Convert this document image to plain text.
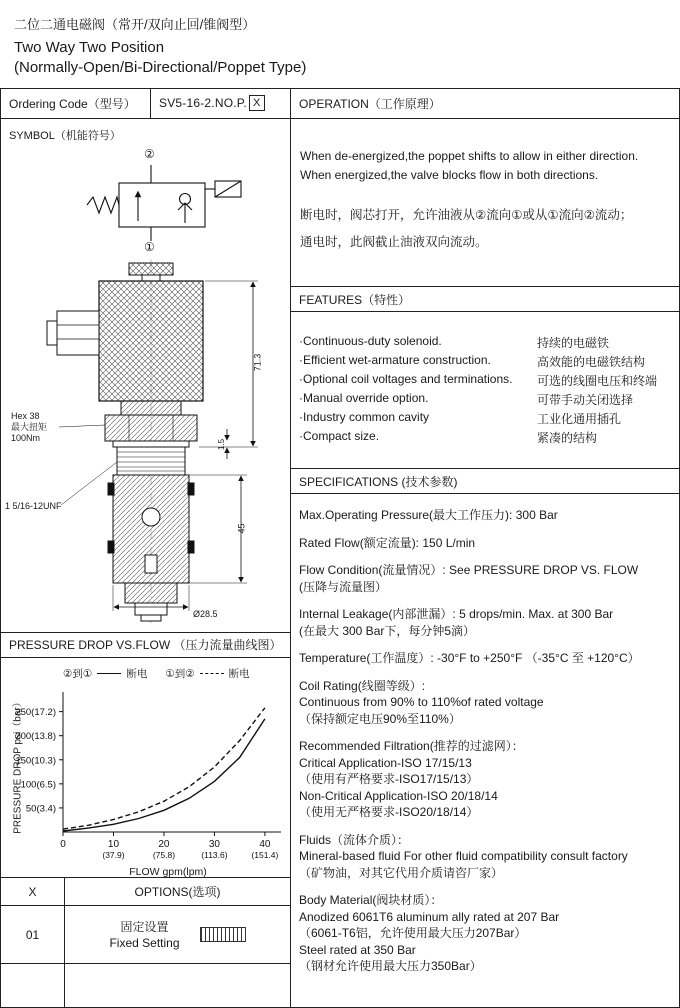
二位二通电磁阀（常开/双向止回/锥阀型）
Two Way Two Position
(Normally-Open/Bi-Directional/Poppet Type)
Ordering Code（型号）	SV5-16-2.NO.P. X
SYMBOL（机能符号）
②
①
Hex 38
最大扭矩
100Nm
1 5/16-12UNF
71.3
1.5
45
Ø28.5
PRESSURE DROP VS.FLOW （压力流量曲线图）
②到①	断电 ①到②	断电
50(3.4)
100(6.5)
150(10.3)
200(13.8)
250(17.2)
0	10
(37.9)
20
(75.8)
30
(113.6)
40
(151.4)
PRESSURE DROP psi（bar）
FLOW gpm(lpm)
X	OPTIONS(选项)
01
固定设置
Fixed Setting
OPERATION（工作原理）
When de-energized,the poppet shifts to allow in either direction.
When energized,the valve blocks flow in both directions.
断电时，阀芯打开，允许油液从②流向①或从①流向②流动；
通电时，此阀截止油液双向流动。
FEATURES（特性）
·Continuous-duty solenoid.	持续的电磁铁
·Efficient wet-armature construction.	高效能的电磁铁结构
·Optional coil voltages and terminations.	可选的线圈电压和终端
·Manual override option.	可带手动关闭选择
·Industry common cavity	工业化通用插孔
·Compact size.	紧凑的结构
SPECIFICATIONS (技术参数)
Max.Operating Pressure(最大工作压力): 300 Bar
Rated Flow(额定流量): 150 L/min
Flow Condition(流量情况）: See PRESSURE DROP VS. FLOW
(压降与流量图）
Internal Leakage(内部泄漏）: 5 drops/min. Max. at 300 Bar
(在最大 300 Bar下，每分钟5滴）
Temperature(工作温度）: -30°F to +250°F （-35°C 至 +120°C）
Coil Rating(线圈等级）:
Continuous from 90% to 110%of rated voltage
（保持额定电压90%至110%）
Recommended Filtration(推荐的过滤网）：
Critical Application-ISO 17/15/13
（使用有严格要求-ISO17/15/13）
Non-Critical Application-ISO 20/18/14
（使用无严格要求-ISO20/18/14）
Fluids（流体介质）：
Mineral-based fluid For other fluid compatibility consult factory
（矿物油，对其它代用介质请咨厂家）
Body Material(阀块材质）：
Anodized 6061T6 aluminum ally rated at 207 Bar
（6061-T6铝，允许使用最大压力207Bar）
Steel rated at 350 Bar
（钢材允许使用最大压力350Bar）
